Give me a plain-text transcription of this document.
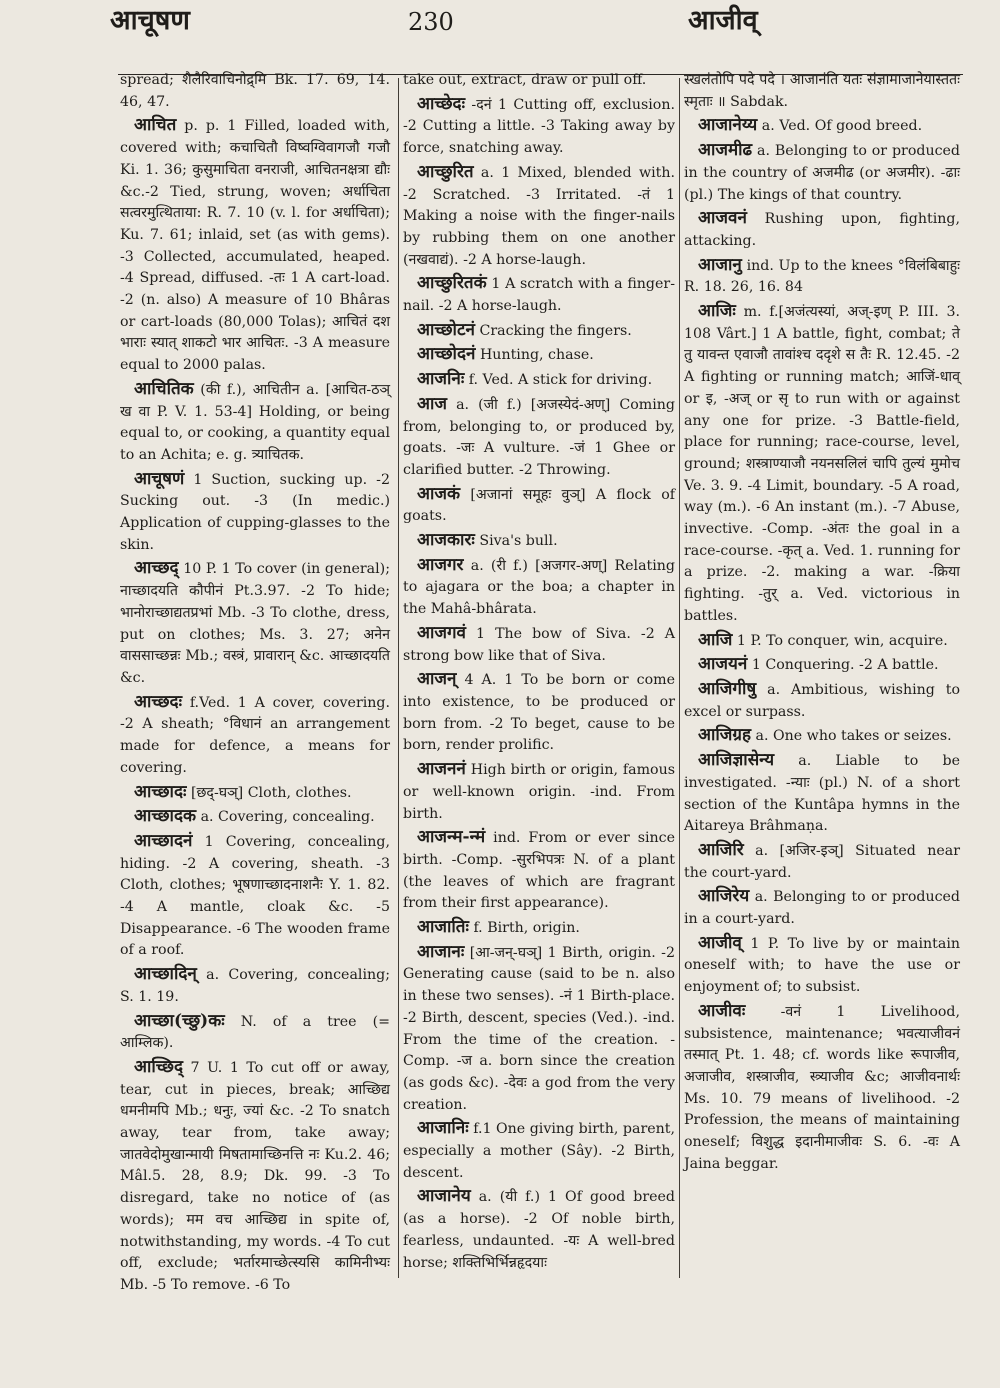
आचूषण	230	आजीव्
spread; शैलैरिवाचिनोद्र्मि Bk. 17. 69, 14. 46, 47.
आचित p. p. 1 Filled, loaded with, covered with; कचाचितौ विष्वग्विवागजौ गजौ Ki. 1. 36; कुसुमाचिता वनराजी, आचितनक्षत्रा द्यौः &c.-2 Tied, strung, woven; अर्धाचिता सत्वरमुत्थिताया: R. 7. 10 (v. l. for अर्धाचिता); Ku. 7. 61; inlaid, set (as with gems). -3 Collected, accumulated, heaped. -4 Spread, diffused. -तः 1 A cart-load. -2 (n. also) A measure of 10 Bhâras or cart-loads (80,000 Tolas); आचितं दश भाराः स्यात् शाकटो भार आचितः. -3 A measure equal to 2000 palas.
आचितिक (की f.), आचितीन a. [आचित-ठञ् ख वा P. V. 1. 53-4] Holding, or being equal to, or cooking, a quantity equal to an Achita; e. g. त्र्याचितक.
आचूषणं 1 Suction, sucking up. -2 Sucking out. -3 (In medic.) Application of cupping-glasses to the skin.
आच्छद् 10 P. 1 To cover (in general); नाच्छादयति कौपीनं Pt.3.97. -2 To hide; भानोराच्छाद्यतप्रभां Mb. -3 To clothe, dress, put on clothes; Ms. 3. 27; अनेन वाससाच्छन्नः Mb.; वस्त्रं, प्रावारान् &c. आच्छादयति &c.
आच्छदः f.Ved. 1 A cover, covering. -2 A sheath; °विधानं an arrangement made for defence, a means for covering.
आच्छादः [छद्-घञ्] Cloth, clothes.
आच्छादक a. Covering, concealing.
आच्छादनं 1 Covering, concealing, hiding. -2 A covering, sheath. -3 Cloth, clothes; भूषणाच्छादनाशनैः Y. 1. 82. -4 A mantle, cloak &c. -5 Disappearance. -6 The wooden frame of a roof.
आच्छादिन् a. Covering, concealing; S. 1. 19.
आच्छा(च्छु)कः N. of a tree (= आम्लिक).
आच्छिद् 7 U. 1 To cut off or away, tear, cut in pieces, break; आच्छिद्य धमनीमपि Mb.; धनुः, ज्यां &c. -2 To snatch away, tear from, take away; जातवेदोमुखान्मायी मिषतामाच्छिनत्ति नः Ku.2. 46; Mâl.5. 28, 8.9; Dk. 99. -3 To disregard, take no notice of (as words); मम वच आच्छिद्य in spite of, notwithstanding, my words. -4 To cut off, exclude; भर्तारमाच्छेत्स्यसि कामिनीभ्यः Mb. -5 To remove. -6 To
take out, extract, draw or pull off.
आच्छेदः -दनं 1 Cutting off, exclusion. -2 Cutting a little. -3 Taking away by force, snatching away.
आच्छुरित a. 1 Mixed, blended with. -2 Scratched. -3 Irritated. -तं 1 Making a noise with the finger-nails by rubbing them on one another (नखवाद्यं). -2 A horse-laugh.
आच्छुरितकं 1 A scratch with a finger-nail. -2 A horse-laugh.
आच्छोटनं Cracking the fingers.
आच्छोदनं Hunting, chase.
आजनिः f. Ved. A stick for driving.
आज a. (जी f.) [अजस्येदं-अण्] Coming from, belonging to, or produced by, goats. -जः A vulture. -जं 1 Ghee or clarified butter. -2 Throwing.
आजकं [अजानां समूहः वुञ्] A flock of goats.
आजकारः Siva's bull.
आजगर a. (री f.) [अजगर-अण्] Relating to ajagara or the boa; a chapter in the Mahâ-bhârata.
आजगवं 1 The bow of Siva. -2 A strong bow like that of Siva.
आजन् 4 A. 1 To be born or come into existence, to be produced or born from. -2 To beget, cause to be born, render prolific.
आजननं High birth or origin, famous or well-known origin. -ind. From birth.
आजन्म-न्मं ind. From or ever since birth. -Comp. -सुरभिपत्रः N. of a plant (the leaves of which are fragrant from their first appearance).
आजातिः f. Birth, origin.
आजानः [आ-जन्-घञ्] 1 Birth, origin. -2 Generating cause (said to be n. also in these two senses). -नं 1 Birth-place. -2 Birth, descent, species (Ved.). -ind. From the time of the creation. -Comp. -ज a. born since the creation (as gods &c). -देवः a god from the very creation.
आजानिः f.1 One giving birth, parent, especially a mother (Sây). -2 Birth, descent.
आजानेय a. (यी f.) 1 Of good breed (as a horse). -2 Of noble birth, fearless, undaunted. -यः A well-bred horse; शक्तिभिर्भिन्नहृदयाः
स्खलंतोपि पदे पदे । आजानंति यतः संज्ञामाजानेयास्ततः स्मृताः ॥ Sabdak.
आजानेय्य a. Ved. Of good breed.
आजमीढ a. Belonging to or produced in the country of अजमीढ (or अजमीर). -ढाः (pl.) The kings of that country.
आजवनं Rushing upon, fighting, attacking.
आजानु ind. Up to the knees °विलंबिबाहुः R. 18. 26, 16. 84
आजिः m. f.[अजंत्यस्यां, अज्-इण् P. III. 3. 108 Vârt.] 1 A battle, fight, combat; ते तु यावन्त एवाजौ तावांश्च ददृशे स तैः R. 12.45. -2 A fighting or running match; आजिं-धाव् or इ, -अज् or सृ to run with or against any one for prize. -3 Battle-field, place for running; race-course, level, ground; शस्त्राण्याजौ नयनसलिलं चापि तुल्यं मुमोच Ve. 3. 9. -4 Limit, boundary. -5 A road, way (m.). -6 An instant (m.). -7 Abuse, invective. -Comp. -अंतः the goal in a race-course. -कृत् a. Ved. 1. running for a prize. -2. making a war. -क्रिया fighting. -तुर् a. Ved. victorious in battles.
आजि 1 P. To conquer, win, acquire.
आजयनं 1 Conquering. -2 A battle.
आजिगीषु a. Ambitious, wishing to excel or surpass.
आजिग्रह a. One who takes or seizes.
आजिज्ञासेन्य a. Liable to be investigated. -न्याः (pl.) N. of a short section of the Kuntâpa hymns in the Aitareya Brâhmaṇa.
आजिरि a. [अजिर-इञ्] Situated near the court-yard.
आजिरेय a. Belonging to or produced in a court-yard.
आजीव् 1 P. To live by or maintain oneself with; to have the use or enjoyment of; to subsist.
आजीवः -वनं 1 Livelihood, subsistence, maintenance; भवत्याजीवनं तस्मात् Pt. 1. 48; cf. words like रूपाजीव, अजाजीव, शस्त्राजीव, स्त्र्याजीव &c; आजीवनार्थः Ms. 10. 79 means of livelihood. -2 Profession, the means of maintaining oneself; विशुद्ध इदानीमाजीवः S. 6. -वः A Jaina beggar.
